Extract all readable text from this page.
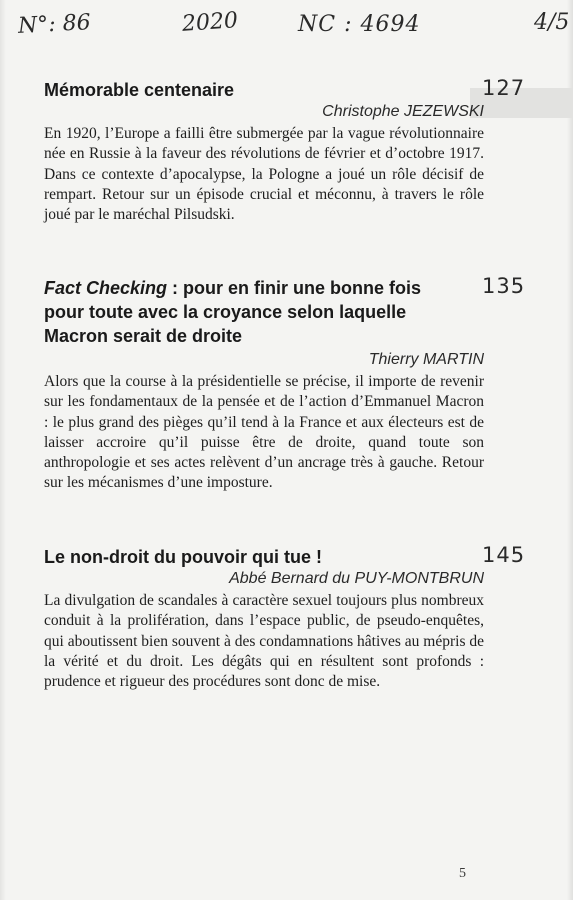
N°: 86	2020	NC : 4694	4/5
Mémorable centenaire
Christophe JEZEWSKI
En 1920, l’Europe a failli être submergée par la vague révolutionnaire née en Russie à la faveur des révolutions de février et d’octobre 1917. Dans ce contexte d’apocalypse, la Pologne a joué un rôle décisif de rempart. Retour sur un épisode crucial et méconnu, à travers le rôle joué par le maréchal Pilsudski.
127
Fact Checking : pour en finir une bonne fois pour toute avec la croyance selon laquelle Macron serait de droite
Thierry MARTIN
Alors que la course à la présidentielle se précise, il importe de revenir sur les fondamentaux de la pensée et de l’action d’Emmanuel Macron : le plus grand des pièges qu’il tend à la France et aux électeurs est de laisser accroire qu’il puisse être de droite, quand toute son anthropologie et ses actes relèvent d’un ancrage très à gauche. Retour sur les mécanismes d’une imposture.
135
Le non-droit du pouvoir qui tue !
Abbé Bernard du PUY-MONTBRUN
La divulgation de scandales à caractère sexuel toujours plus nombreux conduit à la prolifération, dans l’espace public, de pseudo-enquêtes, qui aboutissent bien souvent à des condamnations hâtives au mépris de la vérité et du droit. Les dégâts qui en résultent sont profonds : prudence et rigueur des procédures sont donc de mise.
145
5
